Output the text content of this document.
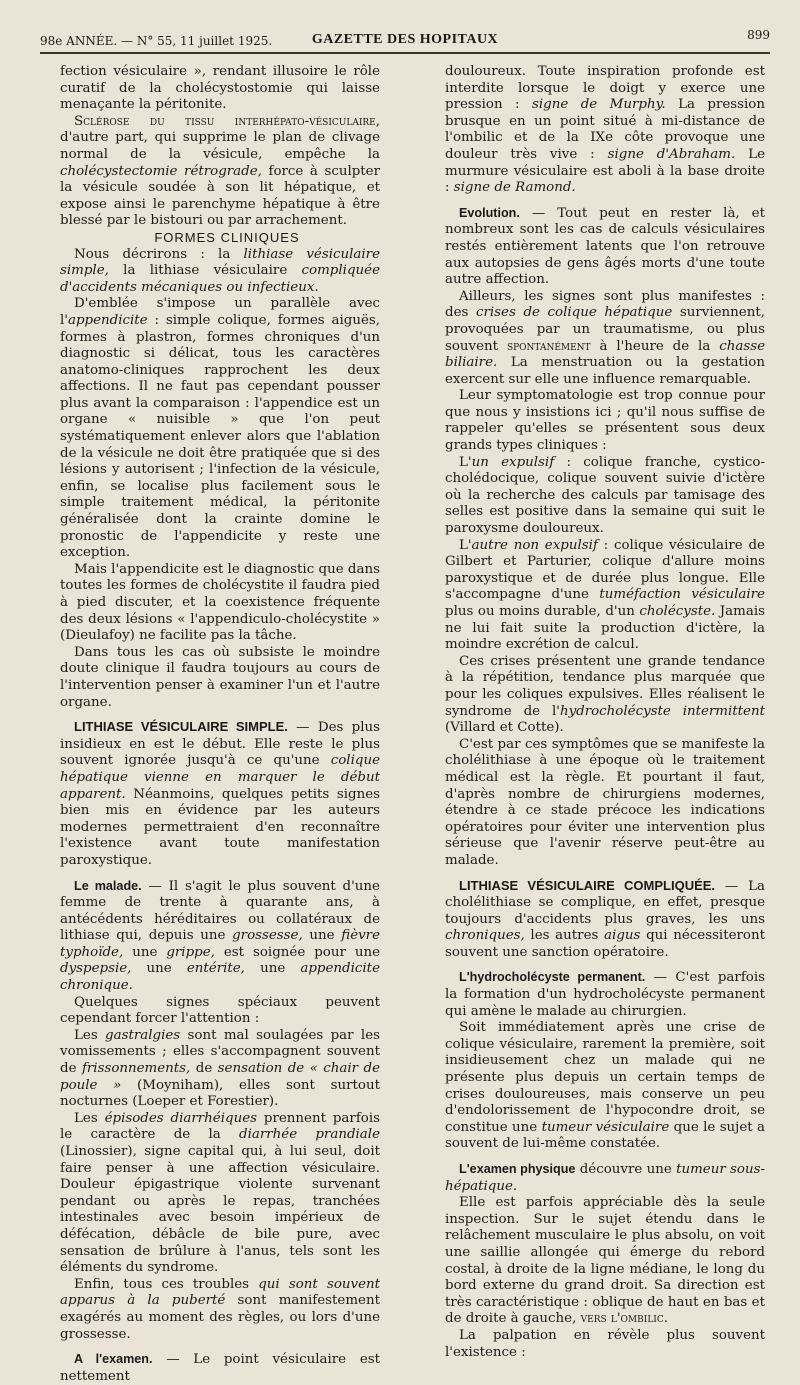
98e ANNÉE. — N° 55, 11 juillet 1925.	GAZETTE DES HOPITAUX	899

fection vésiculaire », rendant illusoire le rôle curatif de la cholécystostomie qui laisse menaçante la péritonite.

Sclérose du tissu interhépato-vésiculaire, d'autre part, qui supprime le plan de clivage normal de la vésicule, empêche la cholécystectomie rétrograde, force à sculpter la vésicule soudée à son lit hépatique, et expose ainsi le parenchyme hépatique à être blessé par le bistouri ou par arrachement.

FORMES CLINIQUES

Nous décrirons : la lithiase vésiculaire simple, la lithiase vésiculaire compliquée d'accidents mécaniques ou infectieux.

D'emblée s'impose un parallèle avec l'appendicite : simple colique, formes aiguës, formes à plastron, formes chroniques d'un diagnostic si délicat, tous les caractères anatomo-cliniques rapprochent les deux affections. Il ne faut pas cependant pousser plus avant la comparaison : l'appendice est un organe « nuisible » que l'on peut systématiquement enlever alors que l'ablation de la vésicule ne doit être pratiquée que si des lésions y autorisent ; l'infection de la vésicule, enfin, se localise plus facilement sous le simple traitement médical, la péritonite généralisée dont la crainte domine le pronostic de l'appendicite y reste une exception.

Mais l'appendicite est le diagnostic que dans toutes les formes de cholécystite il faudra pied à pied discuter, et la coexistence fréquente des deux lésions « l'appendiculo-cholécystite » (Dieulafoy) ne facilite pas la tâche.

Dans tous les cas où subsiste le moindre doute clinique il faudra toujours au cours de l'intervention penser à examiner l'un et l'autre organe.

LITHIASE VÉSICULAIRE SIMPLE. — Des plus insidieux en est le début. Elle reste le plus souvent ignorée jusqu'à ce qu'une colique hépatique vienne en marquer le début apparent. Néanmoins, quelques petits signes bien mis en évidence par les auteurs modernes permettraient d'en reconnaître l'existence avant toute manifestation paroxystique.

Le malade. — Il s'agit le plus souvent d'une femme de trente à quarante ans, à antécédents héréditaires ou collatéraux de lithiase qui, depuis une grossesse, une fièvre typhoïde, une grippe, est soignée pour une dyspepsie, une entérite, une appendicite chronique.

Quelques signes spéciaux peuvent cependant forcer l'attention :

Les gastralgies sont mal soulagées par les vomissements ; elles s'accompagnent souvent de frissonnements, de sensation de « chair de poule » (Moyniham), elles sont surtout nocturnes (Loeper et Forestier).

Les épisodes diarrhéiques prennent parfois le caractère de la diarrhée prandiale (Linossier), signe capital qui, à lui seul, doit faire penser à une affection vésiculaire. Douleur épigastrique violente survenant pendant ou après le repas, tranchées intestinales avec besoin impérieux de défécation, débâcle de bile pure, avec sensation de brûlure à l'anus, tels sont les éléments du syndrome.

Enfin, tous ces troubles qui sont souvent apparus à la puberté sont manifestement exagérés au moment des règles, ou lors d'une grossesse.

A l'examen. — Le point vésiculaire est nettement

douloureux. Toute inspiration profonde est interdite lorsque le doigt y exerce une pression : signe de Murphy. La pression brusque en un point situé à mi-distance de l'ombilic et de la IXe côte provoque une douleur très vive : signe d'Abraham. Le murmure vésiculaire est aboli à la base droite : signe de Ramond.

Evolution. — Tout peut en rester là, et nombreux sont les cas de calculs vésiculaires restés entièrement latents que l'on retrouve aux autopsies de gens âgés morts d'une toute autre affection.

Ailleurs, les signes sont plus manifestes : des crises de colique hépatique surviennent, provoquées par un traumatisme, ou plus souvent spontanément à l'heure de la chasse biliaire. La menstruation ou la gestation exercent sur elle une influence remarquable.

Leur symptomatologie est trop connue pour que nous y insistions ici ; qu'il nous suffise de rappeler qu'elles se présentent sous deux grands types cliniques :

L'un expulsif : colique franche, cystico-cholédocique, colique souvent suivie d'ictère où la recherche des calculs par tamisage des selles est positive dans la semaine qui suit le paroxysme douloureux.

L'autre non expulsif : colique vésiculaire de Gilbert et Parturier, colique d'allure moins paroxystique et de durée plus longue. Elle s'accompagne d'une tuméfaction vésiculaire plus ou moins durable, d'un cholécyste. Jamais ne lui fait suite la production d'ictère, la moindre excrétion de calcul.

Ces crises présentent une grande tendance à la répétition, tendance plus marquée que pour les coliques expulsives. Elles réalisent le syndrome de l'hydrocholécyste intermittent (Villard et Cotte).

C'est par ces symptômes que se manifeste la cholélithiase à une époque où le traitement médical est la règle. Et pourtant il faut, d'après nombre de chirurgiens modernes, étendre à ce stade précoce les indications opératoires pour éviter une intervention plus sérieuse que l'avenir réserve peut-être au malade.

LITHIASE VÉSICULAIRE COMPLIQUÉE. — La cholélithiase se complique, en effet, presque toujours d'accidents plus graves, les uns chroniques, les autres aigus qui nécessiteront souvent une sanction opératoire.

L'hydrocholécyste permanent. — C'est parfois la formation d'un hydrocholécyste permanent qui amène le malade au chirurgien.

Soit immédiatement après une crise de colique vésiculaire, rarement la première, soit insidieusement chez un malade qui ne présente plus depuis un certain temps de crises douloureuses, mais conserve un peu d'endolorissement de l'hypocondre droit, se constitue une tumeur vésiculaire que le sujet a souvent de lui-même constatée.

L'examen physique découvre une tumeur sous-hépatique.

Elle est parfois appréciable dès la seule inspection. Sur le sujet étendu dans le relâchement musculaire le plus absolu, on voit une saillie allongée qui émerge du rebord costal, à droite de la ligne médiane, le long du bord externe du grand droit. Sa direction est très caractéristique : oblique de haut en bas et de droite à gauche, vers l'ombilic.

La palpation en révèle plus souvent l'existence :
